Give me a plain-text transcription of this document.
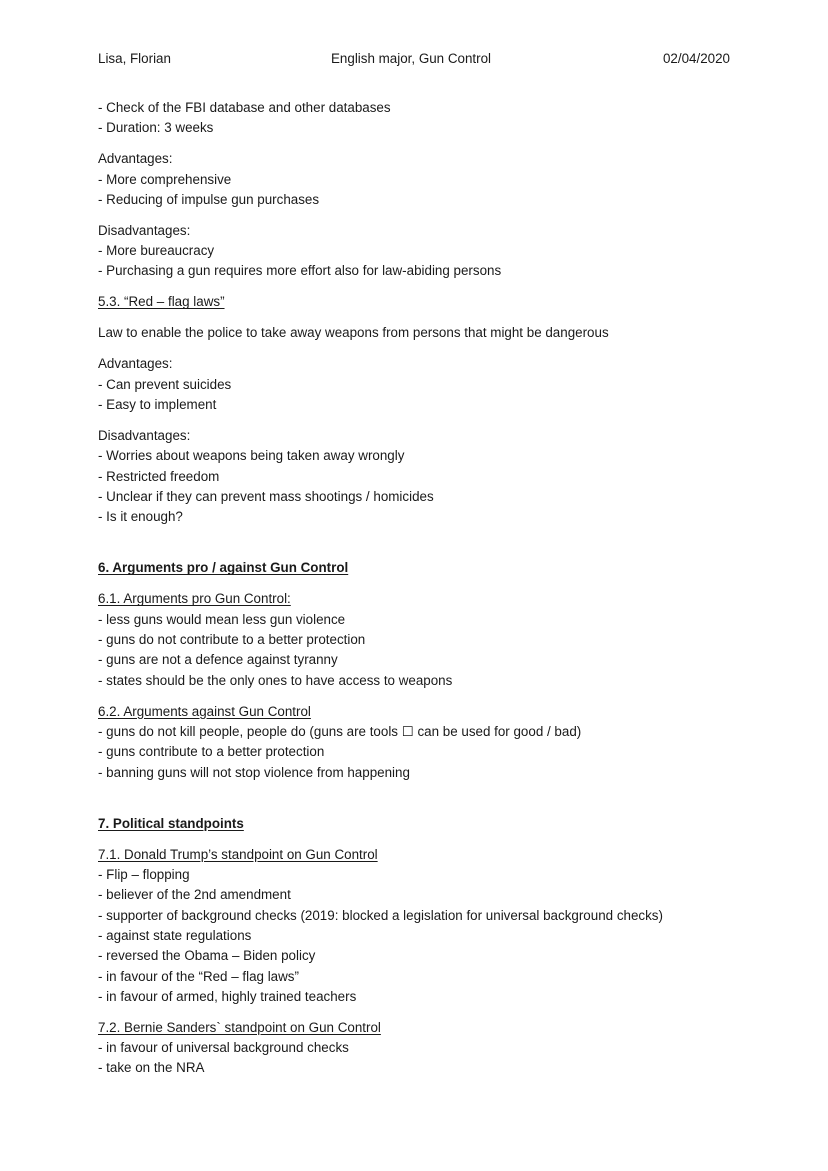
Lisa, Florian	English major, Gun Control	02/04/2020
- Check of the FBI database and other databases
- Duration: 3 weeks
Advantages:
- More comprehensive
- Reducing of impulse gun purchases
Disadvantages:
- More bureaucracy
- Purchasing a gun requires more effort also for law-abiding persons
5.3. “Red – flag laws”
Law to enable the police to take away weapons from persons that might be dangerous
Advantages:
- Can prevent suicides
- Easy to implement
Disadvantages:
- Worries about weapons being taken away wrongly
- Restricted freedom
- Unclear if they can prevent mass shootings / homicides
- Is it enough?
6. Arguments pro / against Gun Control
6.1. Arguments pro Gun Control:
- less guns would mean less gun violence
- guns do not contribute to a better protection
- guns are not a defence against tyranny
- states should be the only ones to have access to weapons
6.2. Arguments against Gun Control
- guns do not kill people, people do (guns are tools ☐ can be used for good / bad)
- guns contribute to a better protection
- banning guns will not stop violence from happening
7. Political standpoints
7.1. Donald Trump’s standpoint on Gun Control
- Flip – flopping
- believer of the 2nd amendment
- supporter of background checks (2019: blocked a legislation for universal background checks)
- against state regulations
- reversed the Obama – Biden policy
- in favour of the “Red – flag laws”
- in favour of armed, highly trained teachers
7.2. Bernie Sanders` standpoint on Gun Control
- in favour of universal background checks
- take on the NRA
